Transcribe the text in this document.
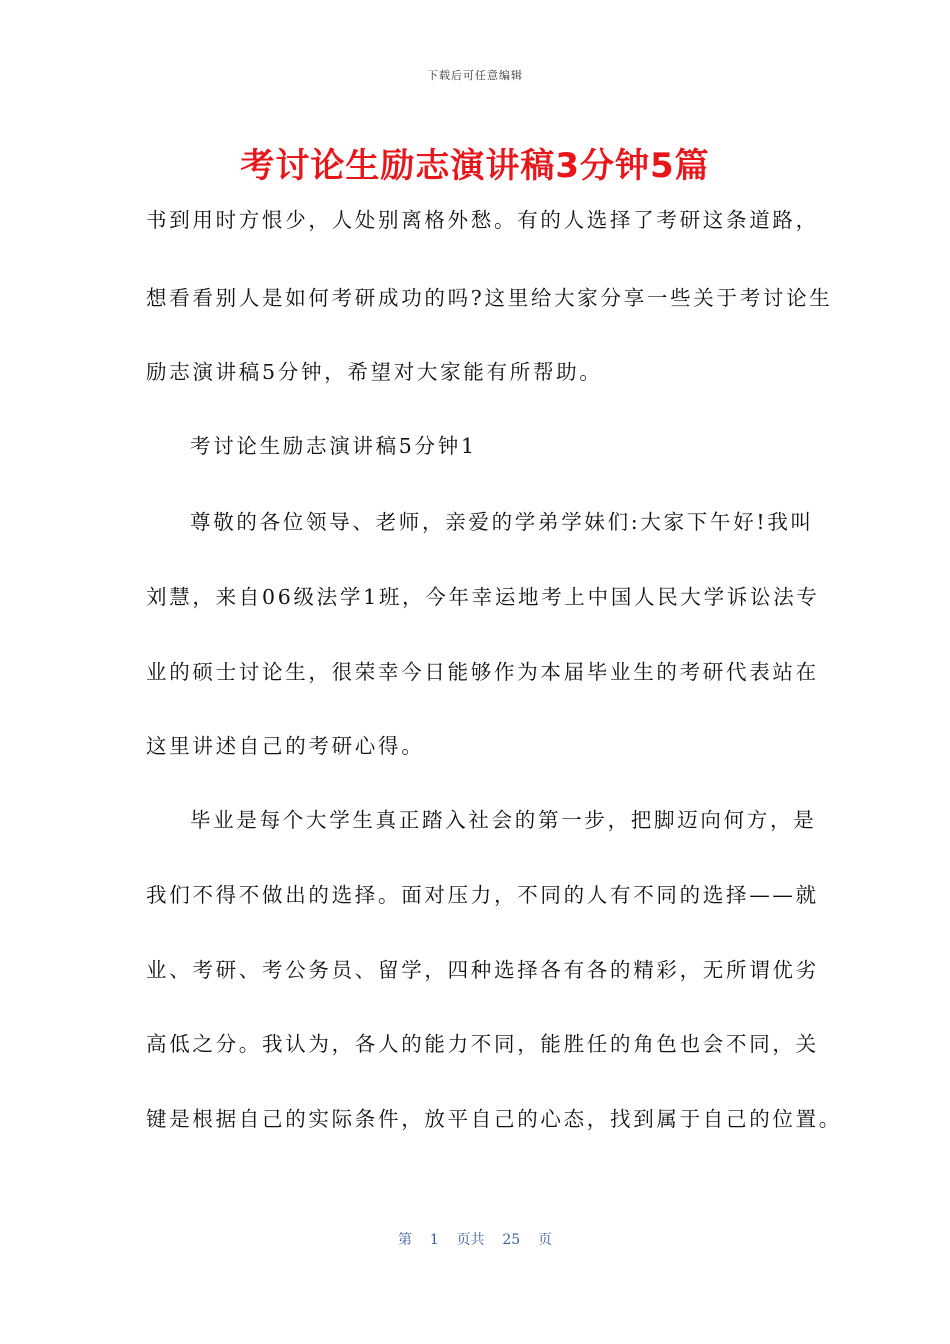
下载后可任意编辑
考讨论生励志演讲稿3分钟5篇
书到用时方恨少，人处别离格外愁。有的人选择了考研这条道路，
想看看别人是如何考研成功的吗?这里给大家分享一些关于考讨论生
励志演讲稿5分钟，希望对大家能有所帮助。
考讨论生励志演讲稿5分钟1
尊敬的各位领导、老师，亲爱的学弟学妹们:大家下午好!我叫
刘慧，来自06级法学1班，今年幸运地考上中国人民大学诉讼法专
业的硕士讨论生，很荣幸今日能够作为本届毕业生的考研代表站在
这里讲述自己的考研心得。
毕业是每个大学生真正踏入社会的第一步，把脚迈向何方，是
我们不得不做出的选择。面对压力，不同的人有不同的选择——就
业、考研、考公务员、留学，四种选择各有各的精彩，无所谓优劣
高低之分。我认为，各人的能力不同，能胜任的角色也会不同，关
键是根据自己的实际条件，放平自己的心态，找到属于自己的位置。
第 1 页共 25 页
